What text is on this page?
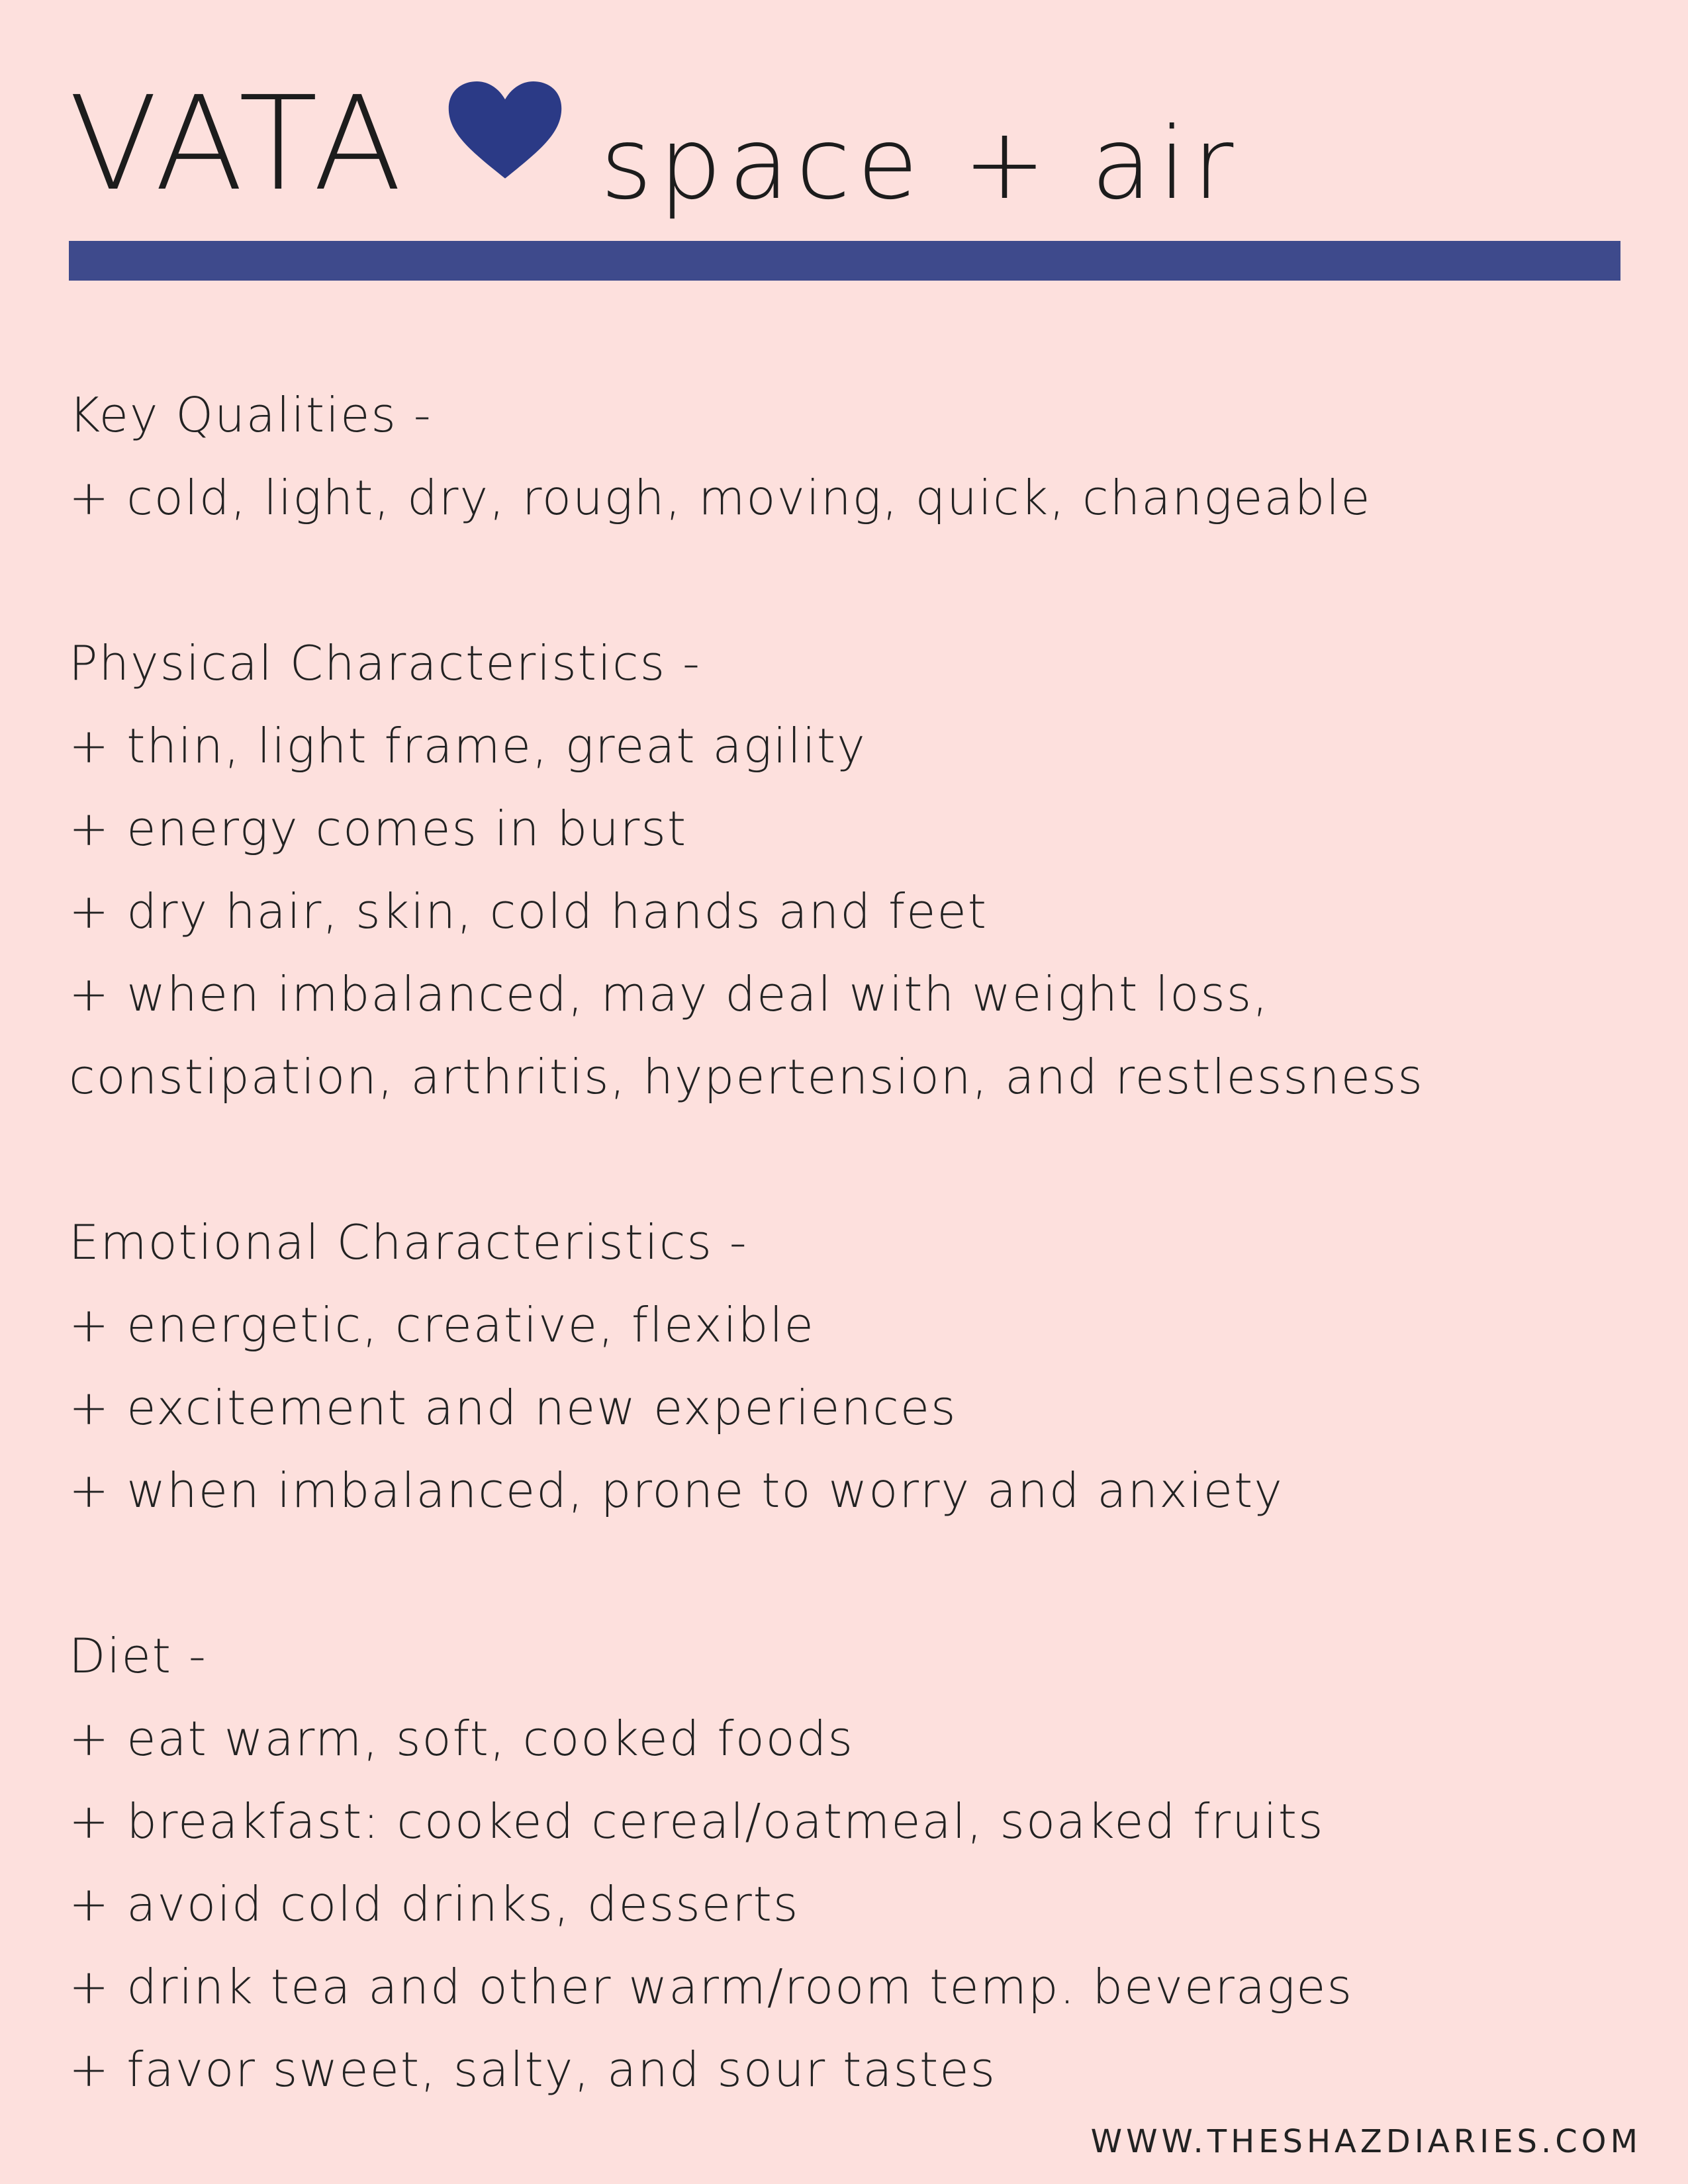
VATA space + air
Key Qualities -
+ cold, light, dry, rough, moving, quick, changeable
Physical Characteristics -
+ thin, light frame, great agility
+ energy comes in burst
+ dry hair, skin, cold hands and feet
+ when imbalanced, may deal with weight loss,
constipation, arthritis, hypertension, and restlessness
Emotional Characteristics -
+ energetic, creative, flexible
+ excitement and new experiences
+ when imbalanced, prone to worry and anxiety
Diet -
+ eat warm, soft, cooked foods
+ breakfast: cooked cereal/oatmeal, soaked fruits
+ avoid cold drinks, desserts
+ drink tea and other warm/room temp. beverages
+ favor sweet, salty, and sour tastes
WWW.THESHAZDIARIES.COM
